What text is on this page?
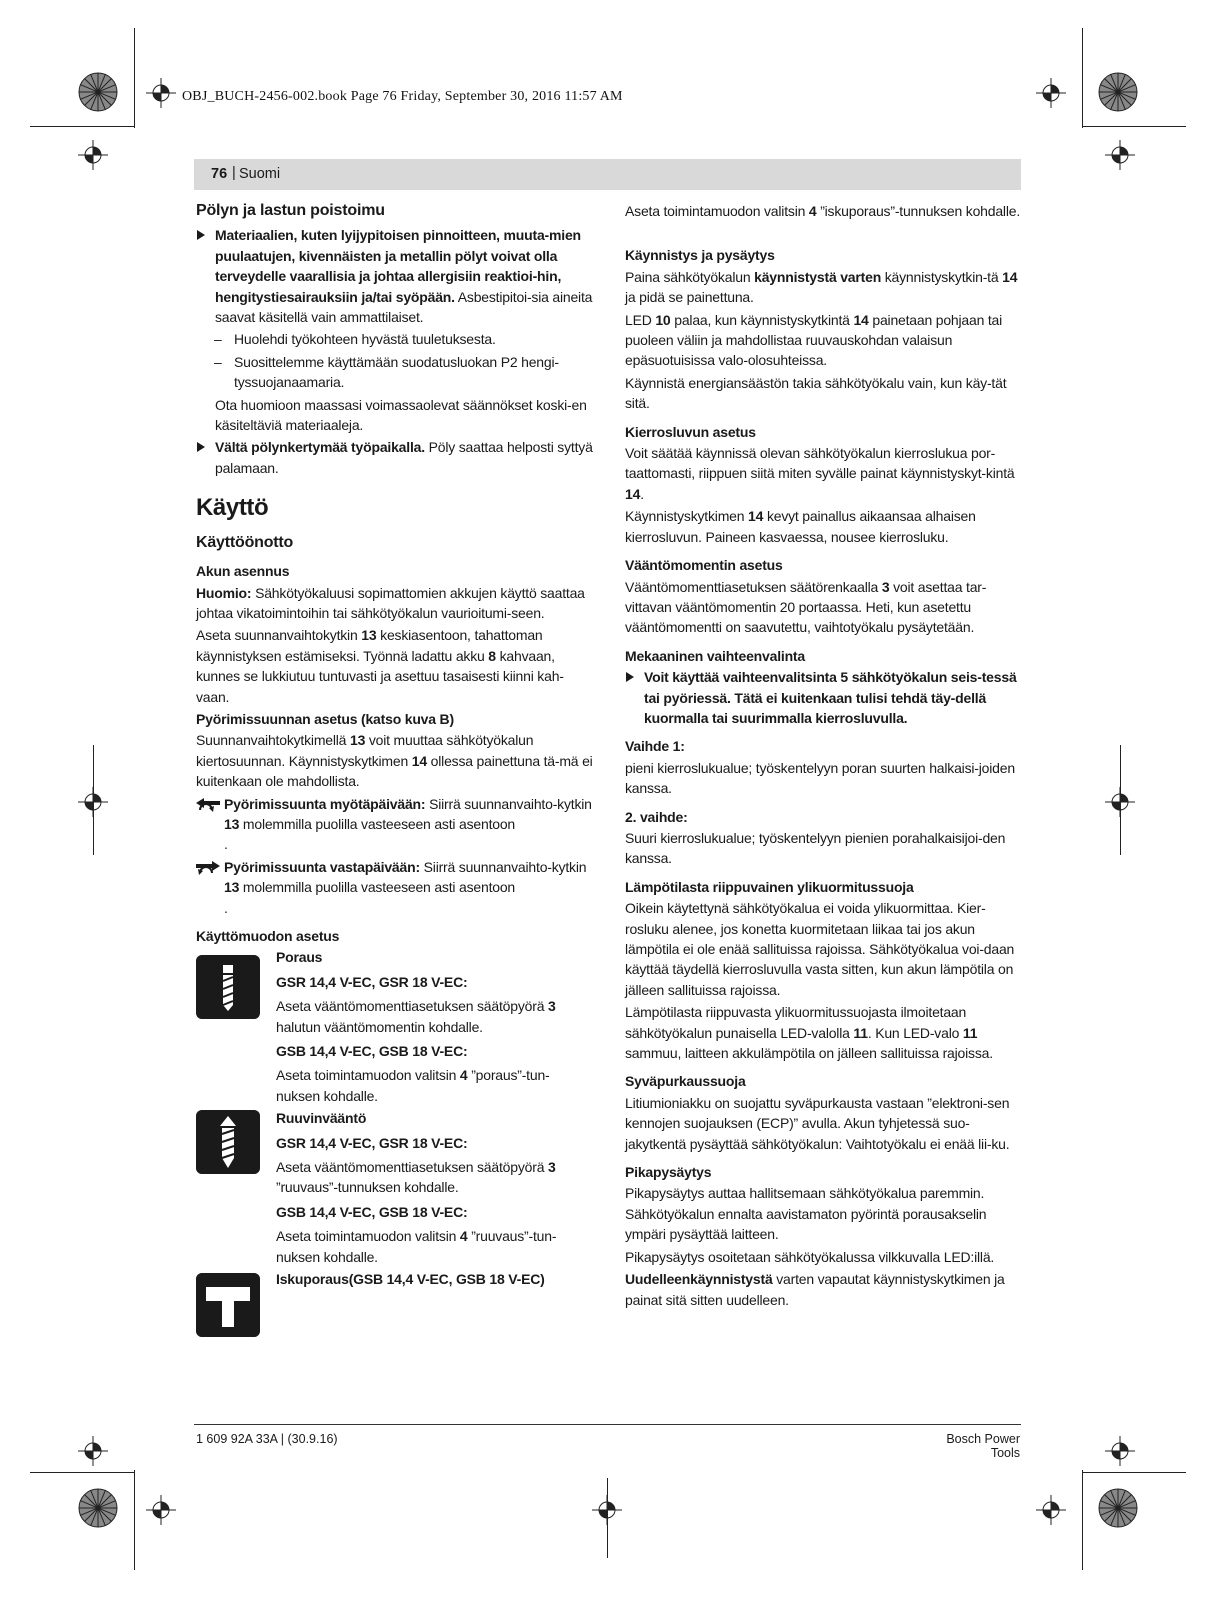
OBJ_BUCH-2456-002.book Page 76 Friday, September 30, 2016 11:57 AM
76 | Suomi
Pölyn ja lastun poistoimu

Materiaalien, kuten lyijypitoisen pinnoitteen, muuta-mien puulaatujen, kivennäisten ja metallin pölyt voivat olla terveydelle vaarallisia ja johtaa allergisiin reaktioi-hin, hengitystiesairauksiin ja/tai syöpään. Asbestipitoi-sia aineita saavat käsitellä vain ammattilaiset.

– Huolehdi työkohteen hyvästä tuuletuksesta.

– Suosittelemme käyttämään suodatusluokan P2 hengi-tyssuojanaamaria.

Ota huomioon maassasi voimassaolevat säännökset koski-en käsiteltäviä materiaaleja.

Vältä pölynkertymää työpaikalla. Pöly saattaa helposti syttyä palamaan.

Käyttö
Käyttöönotto
Akun asennus

Huomio: Sähkötyökaluusi sopimattomien akkujen käyttö saattaa johtaa vikatoimintoihin tai sähkötyökalun vaurioitumi-seen.

Aseta suunnanvaihtokytkin 13 keskiasentoon, tahattoman käynnistyksen estämiseksi. Työnnä ladattu akku 8 kahvaan, kunnes se lukkiutuu tuntuvasti ja asettuu tasaisesti kiinni kah-vaan.

Pyörimissuunnan asetus (katso kuva B)

Suunnanvaihtokytkimellä 13 voit muuttaa sähkötyökalun kiertosuunnan. Käynnistyskytkimen 14 ollessa painettuna tä-mä ei kuitenkaan ole mahdollista.

Pyörimissuunta myötäpäivään: Siirrä suunnanvaihto-kytkin 13 molemmilla puolilla vasteeseen asti asentoon

.

Pyörimissuunta vastapäivään: Siirrä suunnanvaihto-kytkin 13 molemmilla puolilla vasteeseen asti asentoon

.

Käyttömuodon asetus
Poraus
GSR 14,4 V-EC, GSR 18 V-EC:

Aseta vääntömomenttiasetuksen säätöpyörä 3 halutun vääntömomentin kohdalle.

GSB 14,4 V-EC, GSB 18 V-EC:

Aseta toimintamuodon valitsin 4 ”poraus”-tun-nuksen kohdalle.

Ruuvinvääntö
GSR 14,4 V-EC, GSR 18 V-EC:

Aseta vääntömomenttiasetuksen säätöpyörä 3 ”ruuvaus”-tunnuksen kohdalle.

GSB 14,4 V-EC, GSB 18 V-EC:

Aseta toimintamuodon valitsin 4 ”ruuvaus”-tun-nuksen kohdalle.

Iskuporaus(GSB 14,4 V-EC, GSB 18 V-EC)

Aseta toimintamuodon valitsin 4 ”iskuporaus”-tunnuksen kohdalle.

Käynnistys ja pysäytys

Paina sähkötyökalun käynnistystä varten käynnistyskytkin-tä 14 ja pidä se painettuna.

LED 10 palaa, kun käynnistyskytkintä 14 painetaan pohjaan tai puoleen väliin ja mahdollistaa ruuvauskohdan valaisun epäsuotuisissa valo-olosuhteissa.

Käynnistä energiansäästön takia sähkötyökalu vain, kun käy-tät sitä.

Kierrosluvun asetus

Voit säätää käynnissä olevan sähkötyökalun kierroslukua por-taattomasti, riippuen siitä miten syvälle painat käynnistyskyt-kintä 14.

Käynnistyskytkimen 14 kevyt painallus aikaansaa alhaisen kierrosluvun. Paineen kasvaessa, nousee kierrosluku.

Vääntömomentin asetus

Vääntömomenttiasetuksen säätörenkaalla 3 voit asettaa tar-vittavan vääntömomentin 20 portaassa. Heti, kun asetettu vääntömomentti on saavutettu, vaihtotyökalu pysäytetään.

Mekaaninen vaihteenvalinta

Voit käyttää vaihteenvalitsinta 5 sähkötyökalun seis-tessä tai pyöriessä. Tätä ei kuitenkaan tulisi tehdä täy-dellä kuormalla tai suurimmalla kierrosluvulla.

Vaihde 1:

pieni kierroslukualue; työskentelyyn poran suurten halkaisi-joiden kanssa.

2. vaihde:

Suuri kierroslukualue; työskentelyyn pienien porahalkaisijoi-den kanssa.

Lämpötilasta riippuvainen ylikuormitussuoja

Oikein käytettynä sähkötyökalua ei voida ylikuormittaa. Kier-rosluku alenee, jos konetta kuormitetaan liikaa tai jos akun lämpötila ei ole enää sallituissa rajoissa. Sähkötyökalua voi-daan käyttää täydellä kierrosluvulla vasta sitten, kun akun lämpötila on jälleen sallituissa rajoissa.

Lämpötilasta riippuvasta ylikuormitussuojasta ilmoitetaan sähkötyökalun punaisella LED-valolla 11. Kun LED-valo 11 sammuu, laitteen akkulämpötila on jälleen sallituissa rajoissa.

Syväpurkaussuoja

Litiumioniakku on suojattu syväpurkausta vastaan ”elektroni-sen kennojen suojauksen (ECP)” avulla. Akun tyhjetessä suo-jakytkentä pysäyttää sähkötyökalun: Vaihtotyökalu ei enää lii-ku.

Pikapysäytys

Pikapysäytys auttaa hallitsemaan sähkötyökalua paremmin. Sähkötyökalun ennalta aavistamaton pyörintä porausakselin ympäri pysäyttää laitteen.

Pikapysäytys osoitetaan sähkötyökalussa vilkkuvalla LED:illä.

Uudelleenkäynnistystä varten vapautat käynnistyskytkimen ja painat sitä sitten uudelleen.

1 609 92A 33A | (30.9.16)	Bosch Power Tools
